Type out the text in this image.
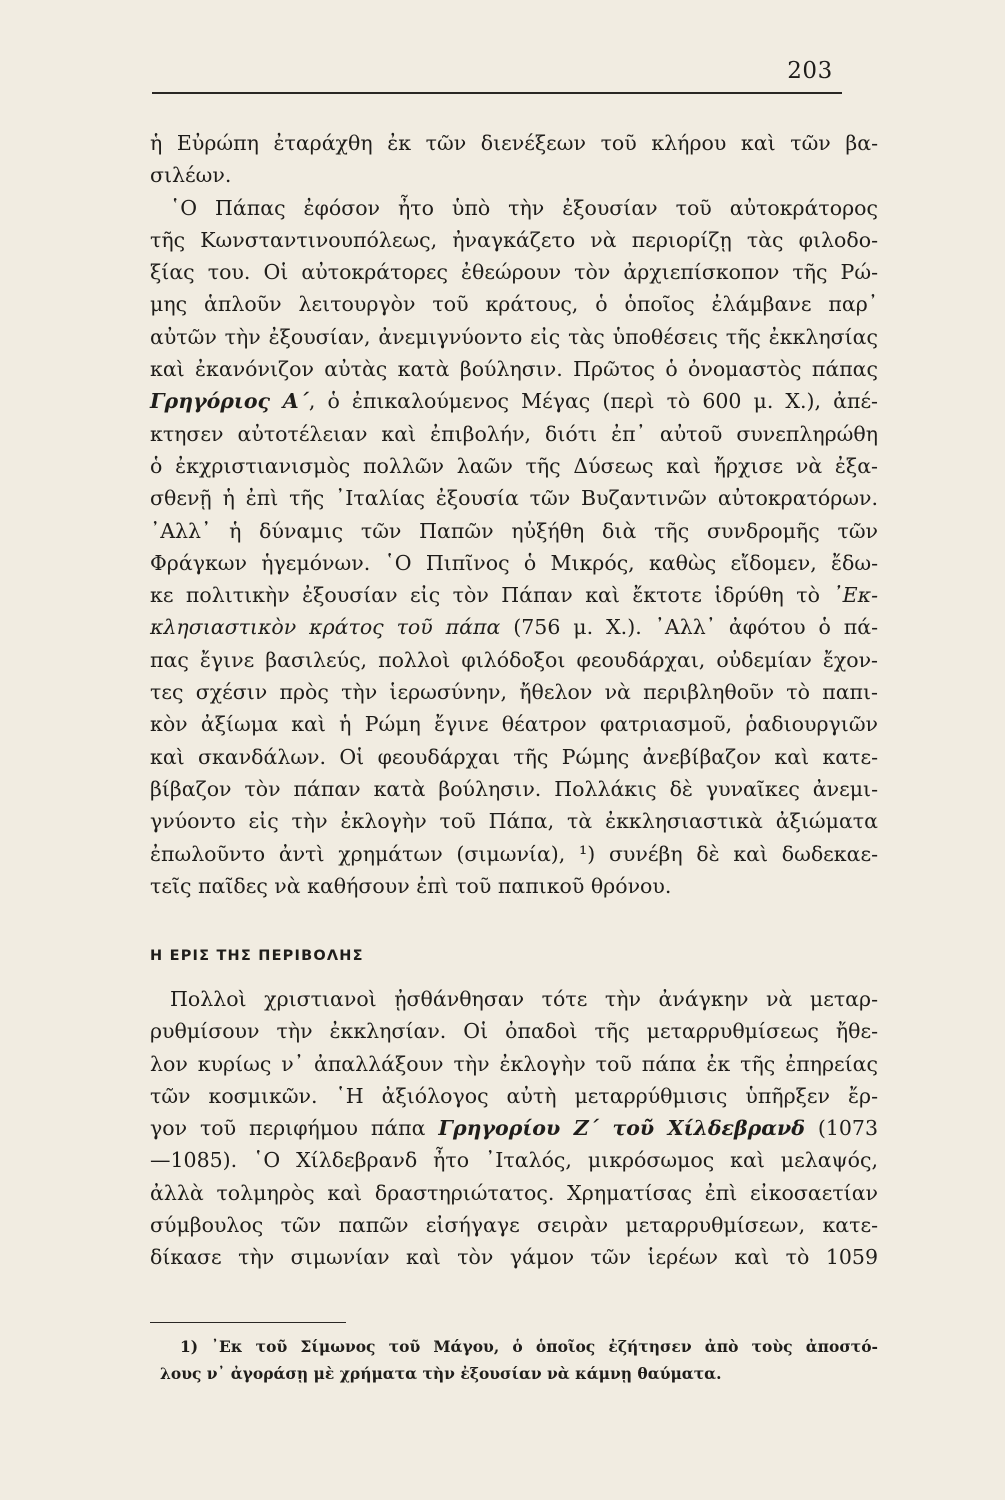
203

ἡ Εὐρώπη ἐταράχθη ἐκ τῶν διενέξεων τοῦ κλήρου καὶ τῶν βα-
σιλέων.

῾Ο Πάπας ἐφόσον ἦτο ὑπὸ τὴν ἐξουσίαν τοῦ αὐτοκράτορος
τῆς Κωνσταντινουπόλεως, ἠναγκάζετο νὰ περιορίζῃ τὰς φιλοδο-
ξίας του. Οἱ αὐτοκράτορες ἐθεώρουν τὸν ἀρχιεπίσκοπον τῆς Ρώ-
μης ἁπλοῦν λειτουργὸν τοῦ κράτους, ὁ ὁποῖος ἐλάμβανε παρ᾽
αὐτῶν τὴν ἐξουσίαν, ἀνεμιγνύοντο εἰς τὰς ὑποθέσεις τῆς ἐκκλησίας
καὶ ἐκανόνιζον αὐτὰς κατὰ βούλησιν. Πρῶτος ὁ ὀνομαστὸς πάπας
Γρηγόριος Α΄, ὁ ἐπικαλούμενος Μέγας (περὶ τὸ 600 μ. Χ.), ἀπέ-
κτησεν αὐτοτέλειαν καὶ ἐπιβολήν, διότι ἐπ᾽ αὐτοῦ συνεπληρώθη
ὁ ἐκχριστιανισμὸς πολλῶν λαῶν τῆς Δύσεως καὶ ἤρχισε νὰ ἐξα-
σθενῇ ἡ ἐπὶ τῆς ᾽Ιταλίας ἐξουσία τῶν Βυζαντινῶν αὐτοκρατόρων.
᾽Αλλ᾽ ἡ δύναμις τῶν Παπῶν ηὐξήθη διὰ τῆς συνδρομῆς τῶν
Φράγκων ἡγεμόνων. ῾Ο Πιπῖνος ὁ Μικρός, καθὼς εἴδομεν, ἔδω-
κε πολιτικὴν ἐξουσίαν εἰς τὸν Πάπαν καὶ ἔκτοτε ἱδρύθη τὸ ᾽Εκ-
κλησιαστικὸν κράτος τοῦ πάπα (756 μ. Χ.). ᾽Αλλ᾽ ἀφότου ὁ πά-
πας ἔγινε βασιλεύς, πολλοὶ φιλόδοξοι φεουδάρχαι, οὐδεμίαν ἔχον-
τες σχέσιν πρὸς τὴν ἱερωσύνην, ἤθελον νὰ περιβληθοῦν τὸ παπι-
κὸν ἀξίωμα καὶ ἡ Ρώμη ἔγινε θέατρον φατριασμοῦ, ῥαδιουργιῶν
καὶ σκανδάλων. Οἱ φεουδάρχαι τῆς Ρώμης ἀνεβίβαζον καὶ κατε-
βίβαζον τὸν πάπαν κατὰ βούλησιν. Πολλάκις δὲ γυναῖκες ἀνεμι-
γνύοντο εἰς τὴν ἐκλογὴν τοῦ Πάπα, τὰ ἐκκλησιαστικὰ ἀξιώματα
ἐπωλοῦντο ἀντὶ χρημάτων (σιμωνία), ¹) συνέβη δὲ καὶ δωδεκαε-
τεῖς παῖδες νὰ καθήσουν ἐπὶ τοῦ παπικοῦ θρόνου.

Η ΕΡΙΣ ΤΗΣ ΠΕΡΙΒΟΛΗΣ

Πολλοὶ χριστιανοὶ ᾐσθάνθησαν τότε τὴν ἀνάγκην νὰ μεταρ-
ρυθμίσουν τὴν ἐκκλησίαν. Οἱ ὀπαδοὶ τῆς μεταρρυθμίσεως ἤθε-
λον κυρίως ν᾽ ἀπαλλάξουν τὴν ἐκλογὴν τοῦ πάπα ἐκ τῆς ἐπηρείας
τῶν κοσμικῶν. ῾Η ἀξιόλογος αὐτὴ μεταρρύθμισις ὑπῆρξεν ἔρ-
γον τοῦ περιφήμου πάπα Γρηγορίου Ζ΄ τοῦ Χίλδεβρανδ (1073
—1085). ῾Ο Χίλδεβρανδ ἦτο ᾽Ιταλός, μικρόσωμος καὶ μελαψός,
ἀλλὰ τολμηρὸς καὶ δραστηριώτατος. Χρηματίσας ἐπὶ εἰκοσαετίαν
σύμβουλος τῶν παπῶν εἰσήγαγε σειρὰν μεταρρυθμίσεων, κατε-
δίκασε τὴν σιμωνίαν καὶ τὸν γάμον τῶν ἱερέων καὶ τὸ 1059

1) ᾽Εκ τοῦ Σίμωνος τοῦ Μάγου, ὁ ὁποῖος ἐζήτησεν ἀπὸ τοὺς ἀποστό-
λους ν᾽ ἀγοράσῃ μὲ χρήματα τὴν ἐξουσίαν νὰ κάμνῃ θαύματα.
